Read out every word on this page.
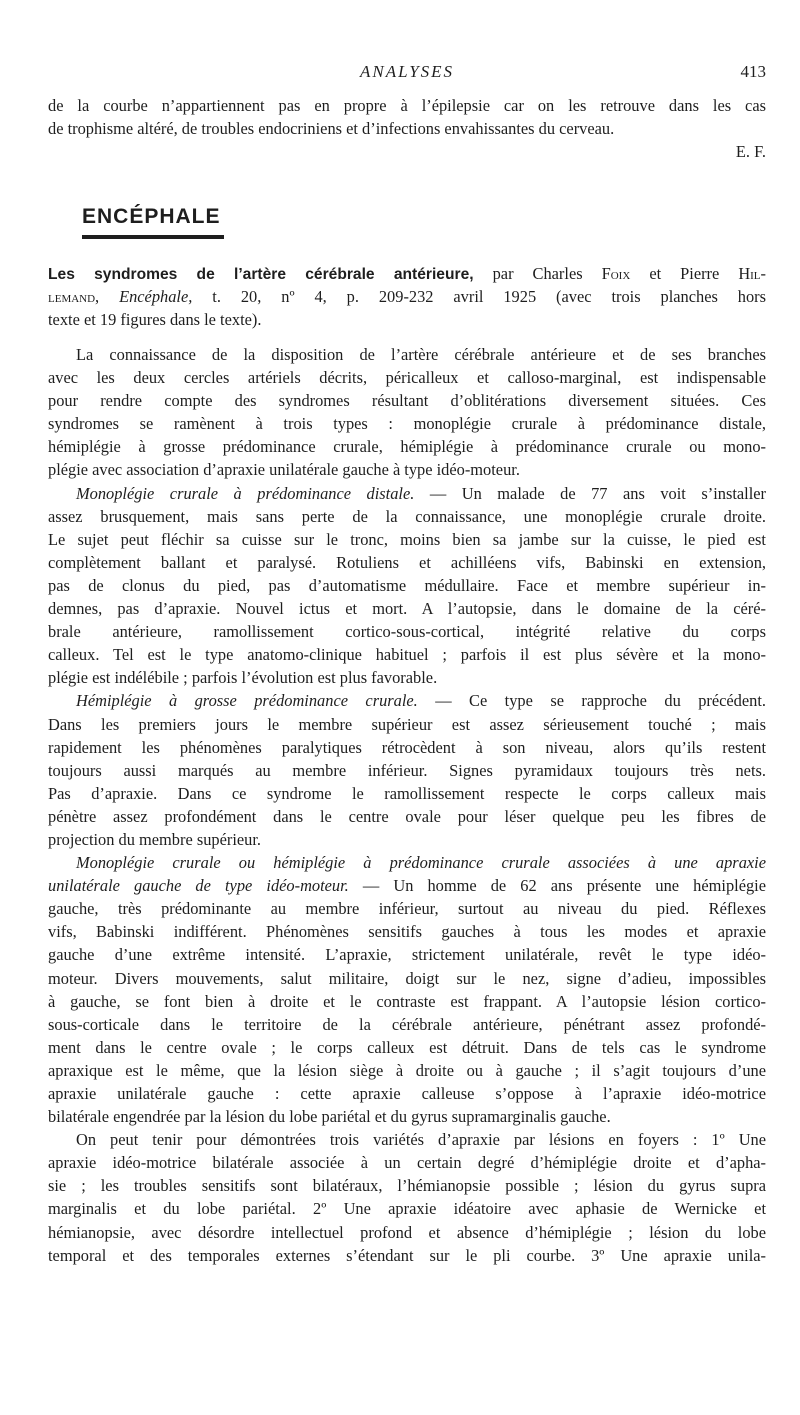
ANALYSES	413
de la courbe n’appartiennent pas en propre à l’épilepsie car on les retrouve dans les cas
de trophisme altéré, de troubles endocriniens et d’infections envahissantes du cerveau.
E. F.
ENCÉPHALE
Les syndromes de l’artère cérébrale antérieure, par Charles Foix et Pierre Hil-
lemand, Encéphale, t. 20, nº 4, p. 209-232 avril 1925 (avec trois planches hors
texte et 19 figures dans le texte).
La connaissance de la disposition de l’artère cérébrale antérieure et de ses branches
avec les deux cercles artériels décrits, péricalleux et calloso-marginal, est indispensable
pour rendre compte des syndromes résultant d’oblitérations diversement situées. Ces
syndromes se ramènent à trois types : monoplégie crurale à prédominance distale,
hémiplégie à grosse prédominance crurale, hémiplégie à prédominance crurale ou mono-
plégie avec association d’apraxie unilatérale gauche à type idéo-moteur.
Monoplégie crurale à prédominance distale. — Un malade de 77 ans voit s’installer
assez brusquement, mais sans perte de la connaissance, une monoplégie crurale droite.
Le sujet peut fléchir sa cuisse sur le tronc, moins bien sa jambe sur la cuisse, le pied est
complètement ballant et paralysé. Rotuliens et achilléens vifs, Babinski en extension,
pas de clonus du pied, pas d’automatisme médullaire. Face et membre supérieur in-
demnes, pas d’apraxie. Nouvel ictus et mort. A l’autopsie, dans le domaine de la céré-
brale antérieure, ramollissement cortico-sous-cortical, intégrité relative du corps
calleux. Tel est le type anatomo-clinique habituel ; parfois il est plus sévère et la mono-
plégie est indélébile ; parfois l’évolution est plus favorable.
Hémiplégie à grosse prédominance crurale. — Ce type se rapproche du précédent.
Dans les premiers jours le membre supérieur est assez sérieusement touché ; mais
rapidement les phénomènes paralytiques rétrocèdent à son niveau, alors qu’ils restent
toujours aussi marqués au membre inférieur. Signes pyramidaux toujours très nets.
Pas d’apraxie. Dans ce syndrome le ramollissement respecte le corps calleux mais
pénètre assez profondément dans le centre ovale pour léser quelque peu les fibres de
projection du membre supérieur.
Monoplégie crurale ou hémiplégie à prédominance crurale associées à une apraxie
unilatérale gauche de type idéo-moteur. — Un homme de 62 ans présente une hémiplégie
gauche, très prédominante au membre inférieur, surtout au niveau du pied. Réflexes
vifs, Babinski indifférent. Phénomènes sensitifs gauches à tous les modes et apraxie
gauche d’une extrême intensité. L’apraxie, strictement unilatérale, revêt le type idéo-
moteur. Divers mouvements, salut militaire, doigt sur le nez, signe d’adieu, impossibles
à gauche, se font bien à droite et le contraste est frappant. A l’autopsie lésion cortico-
sous-corticale dans le territoire de la cérébrale antérieure, pénétrant assez profondé-
ment dans le centre ovale ; le corps calleux est détruit. Dans de tels cas le syndrome
apraxique est le même, que la lésion siège à droite ou à gauche ; il s’agit toujours d’une
apraxie unilatérale gauche : cette apraxie calleuse s’oppose à l’apraxie idéo-motrice
bilatérale engendrée par la lésion du lobe pariétal et du gyrus supramarginalis gauche.
On peut tenir pour démontrées trois variétés d’apraxie par lésions en foyers : 1º Une
apraxie idéo-motrice bilatérale associée à un certain degré d’hémiplégie droite et d’apha-
sie ; les troubles sensitifs sont bilatéraux, l’hémianopsie possible ; lésion du gyrus supra
marginalis et du lobe pariétal. 2º Une apraxie idéatoire avec aphasie de Wernicke et
hémianopsie, avec désordre intellectuel profond et absence d’hémiplégie ; lésion du lobe
temporal et des temporales externes s’étendant sur le pli courbe. 3º Une apraxie unila-
